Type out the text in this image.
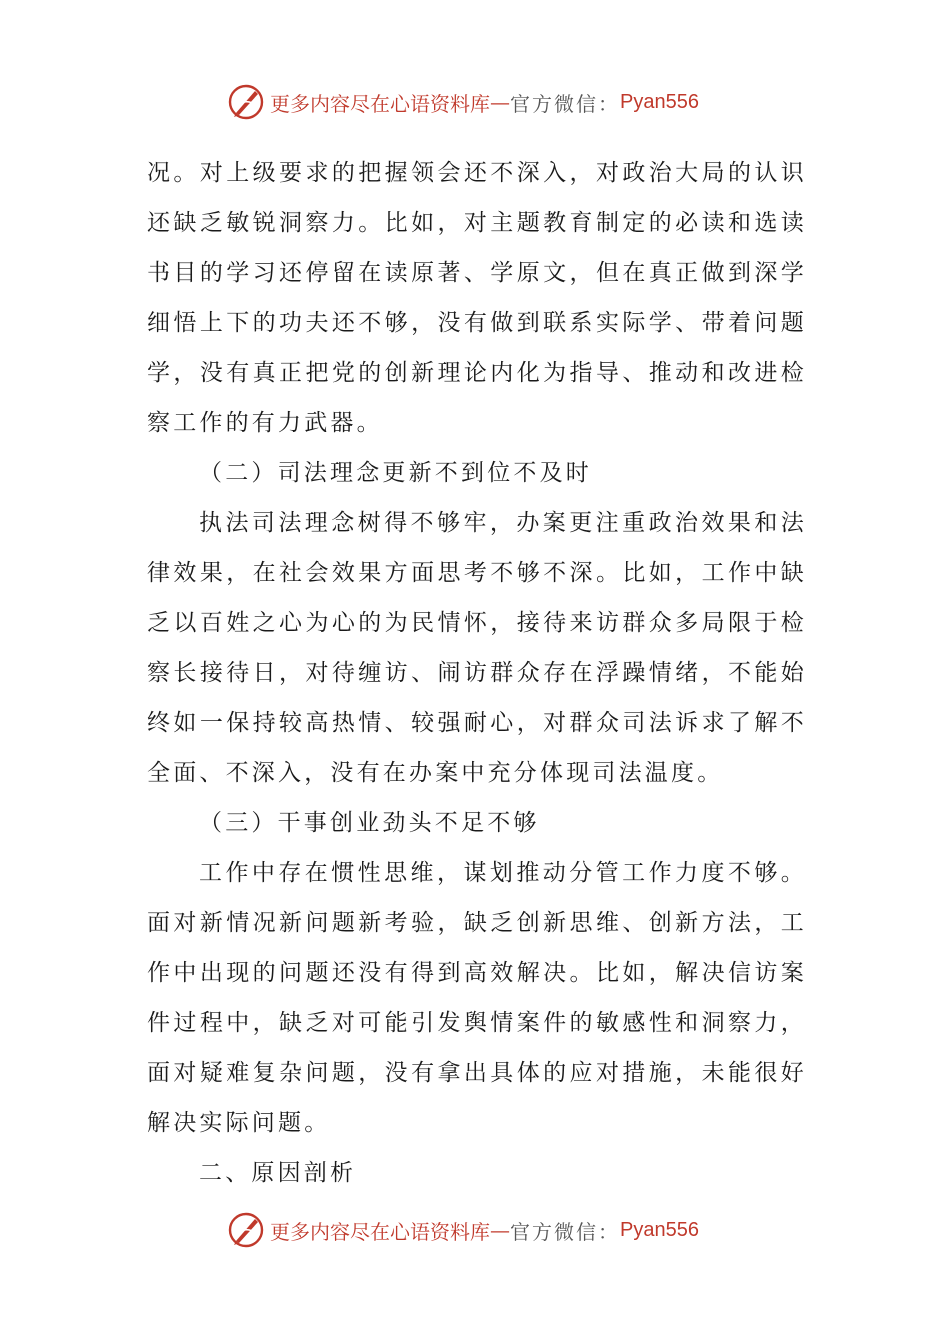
更多内容尽在心语资料库 — 官方微信： Pyan556

况。对上级要求的把握领会还不深入，对政治大局的认识还缺乏敏锐洞察力。比如，对主题教育制定的必读和选读书目的学习还停留在读原著、学原文，但在真正做到深学细悟上下的功夫还不够，没有做到联系实际学、带着问题学，没有真正把党的创新理论内化为指导、推动和改进检察工作的有力武器。

（二）司法理念更新不到位不及时

执法司法理念树得不够牢，办案更注重政治效果和法律效果，在社会效果方面思考不够不深。比如，工作中缺乏以百姓之心为心的为民情怀，接待来访群众多局限于检察长接待日，对待缠访、闹访群众存在浮躁情绪，不能始终如一保持较高热情、较强耐心，对群众司法诉求了解不全面、不深入，没有在办案中充分体现司法温度。

（三）干事创业劲头不足不够

工作中存在惯性思维，谋划推动分管工作力度不够。面对新情况新问题新考验，缺乏创新思维、创新方法，工作中出现的问题还没有得到高效解决。比如，解决信访案件过程中，缺乏对可能引发舆情案件的敏感性和洞察力，面对疑难复杂问题，没有拿出具体的应对措施，未能很好解决实际问题。

二、原因剖析

更多内容尽在心语资料库 — 官方微信： Pyan556
